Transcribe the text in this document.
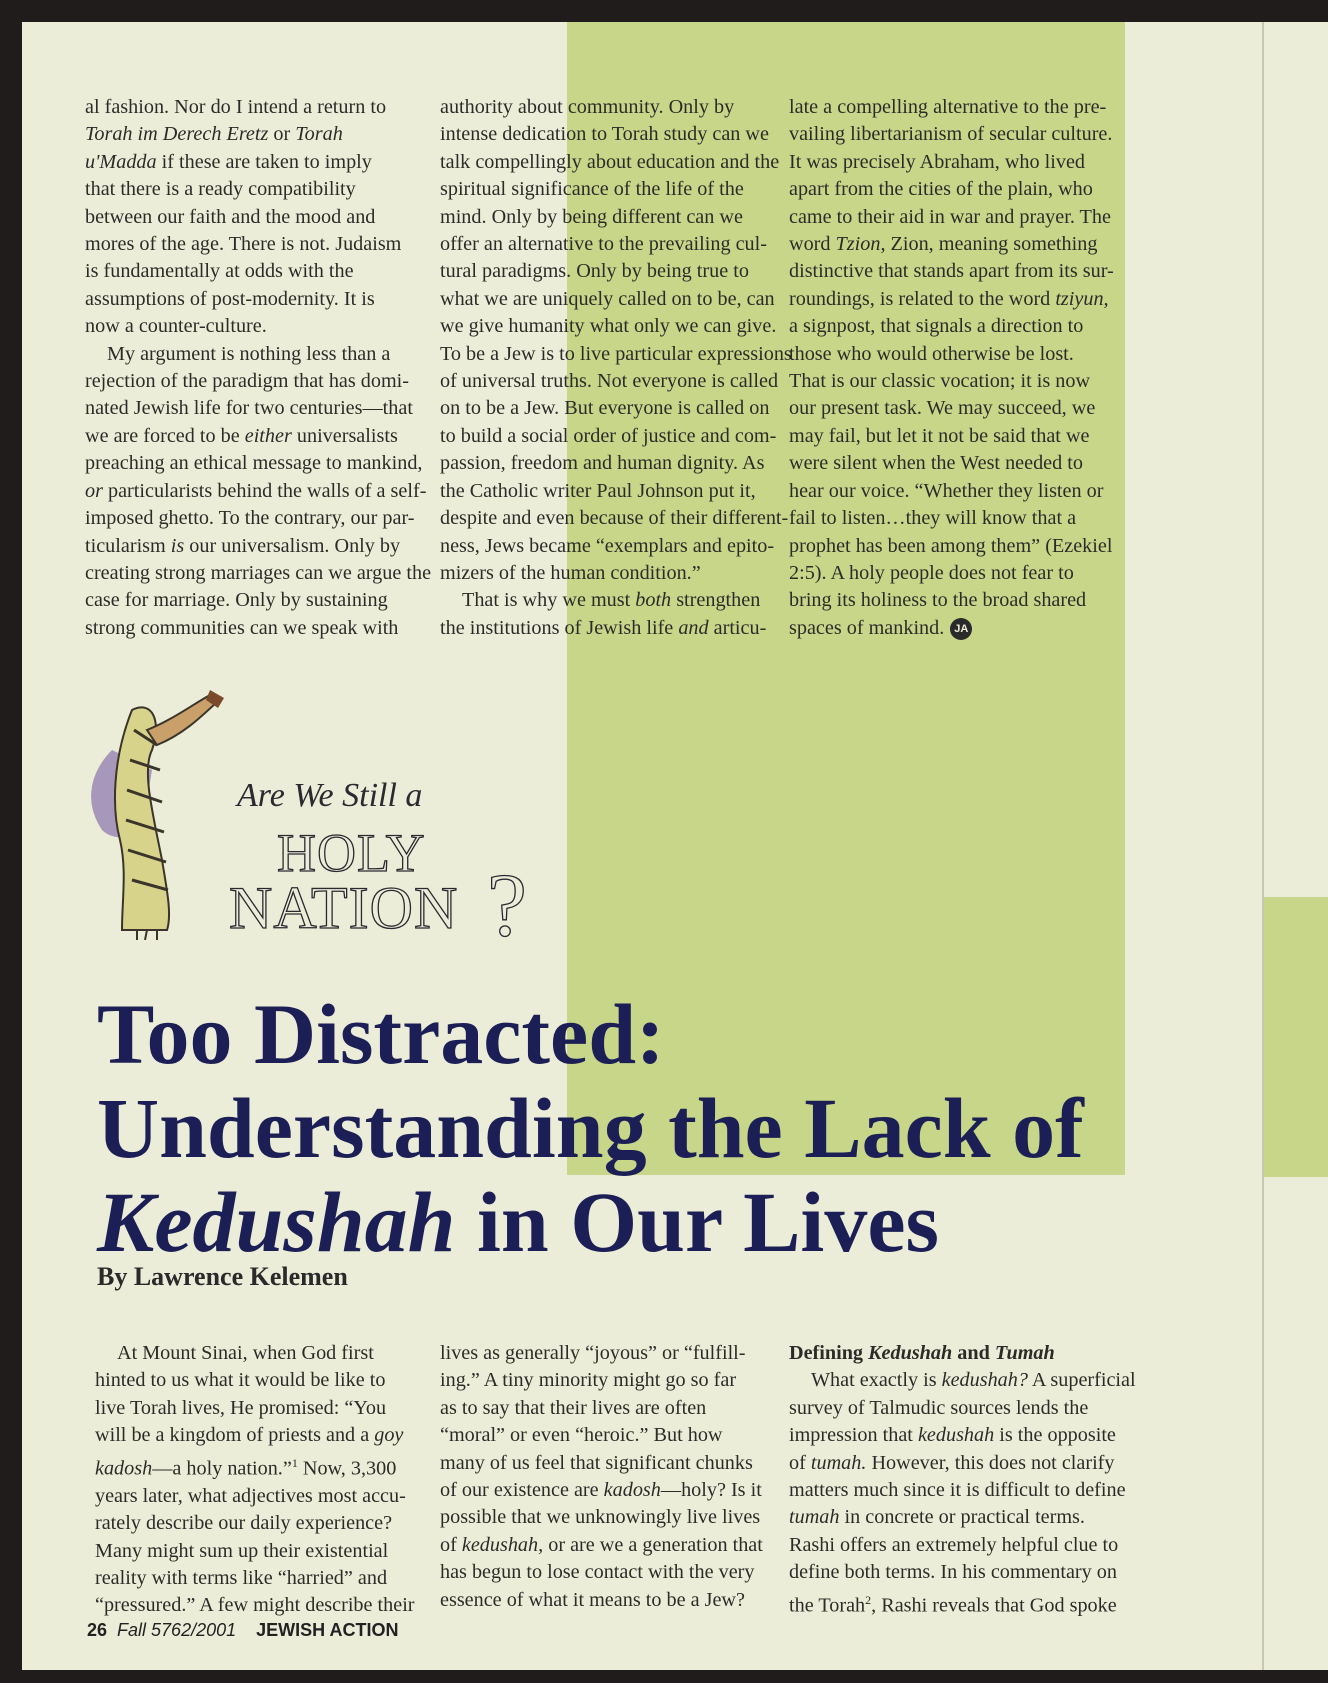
al fashion. Nor do I intend a return to
Torah im Derech Eretz or Torah
u'Madda if these are taken to imply
that there is a ready compatibility
between our faith and the mood and
mores of the age. There is not. Judaism
is fundamentally at odds with the
assumptions of post-modernity. It is
now a counter-culture.
My argument is nothing less than a
rejection of the paradigm that has domi-
nated Jewish life for two centuries—that
we are forced to be either universalists
preaching an ethical message to mankind,
or particularists behind the walls of a self-
imposed ghetto. To the contrary, our par-
ticularism is our universalism. Only by
creating strong marriages can we argue the
case for marriage. Only by sustaining
strong communities can we speak with
authority about community. Only by
intense dedication to Torah study can we
talk compellingly about education and the
spiritual significance of the life of the
mind. Only by being different can we
offer an alternative to the prevailing cul-
tural paradigms. Only by being true to
what we are uniquely called on to be, can
we give humanity what only we can give.
To be a Jew is to live particular expressions
of universal truths. Not everyone is called
on to be a Jew. But everyone is called on
to build a social order of justice and com-
passion, freedom and human dignity. As
the Catholic writer Paul Johnson put it,
despite and even because of their different-
ness, Jews became “exemplars and epito-
mizers of the human condition.”
That is why we must both strengthen
the institutions of Jewish life and articu-
late a compelling alternative to the pre-
vailing libertarianism of secular culture.
It was precisely Abraham, who lived
apart from the cities of the plain, who
came to their aid in war and prayer. The
word Tzion, Zion, meaning something
distinctive that stands apart from its sur-
roundings, is related to the word tziyun,
a signpost, that signals a direction to
those who would otherwise be lost.
That is our classic vocation; it is now
our present task. We may succeed, we
may fail, but let it not be said that we
were silent when the West needed to
hear our voice. “Whether they listen or
fail to listen…they will know that a
prophet has been among them” (Ezekiel
2:5). A holy people does not fear to
bring its holiness to the broad shared
spaces of mankind. JA
Are We Still a
HOLY
NATION ?
Too Distracted:
Understanding the Lack of
Kedushah in Our Lives
By Lawrence Kelemen
At Mount Sinai, when God first
hinted to us what it would be like to
live Torah lives, He promised: “You
will be a kingdom of priests and a goy
kadosh—a holy nation.”$^1$ Now, 3,300
years later, what adjectives most accu-
rately describe our daily experience?
Many might sum up their existential
reality with terms like “harried” and
“pressured.” A few might describe their
lives as generally “joyous” or “fulfill-
ing.” A tiny minority might go so far
as to say that their lives are often
“moral” or even “heroic.” But how
many of us feel that significant chunks
of our existence are kadosh—holy? Is it
possible that we unknowingly live lives
of kedushah, or are we a generation that
has begun to lose contact with the very
essence of what it means to be a Jew?
Defining Kedushah and Tumah
What exactly is kedushah? A superficial
survey of Talmudic sources lends the
impression that kedushah is the opposite
of tumah. However, this does not clarify
matters much since it is difficult to define
tumah in concrete or practical terms.
Rashi offers an extremely helpful clue to
define both terms. In his commentary on
the Torah$^2$, Rashi reveals that God spoke
26 Fall 5762/2001 JEWISH ACTION
